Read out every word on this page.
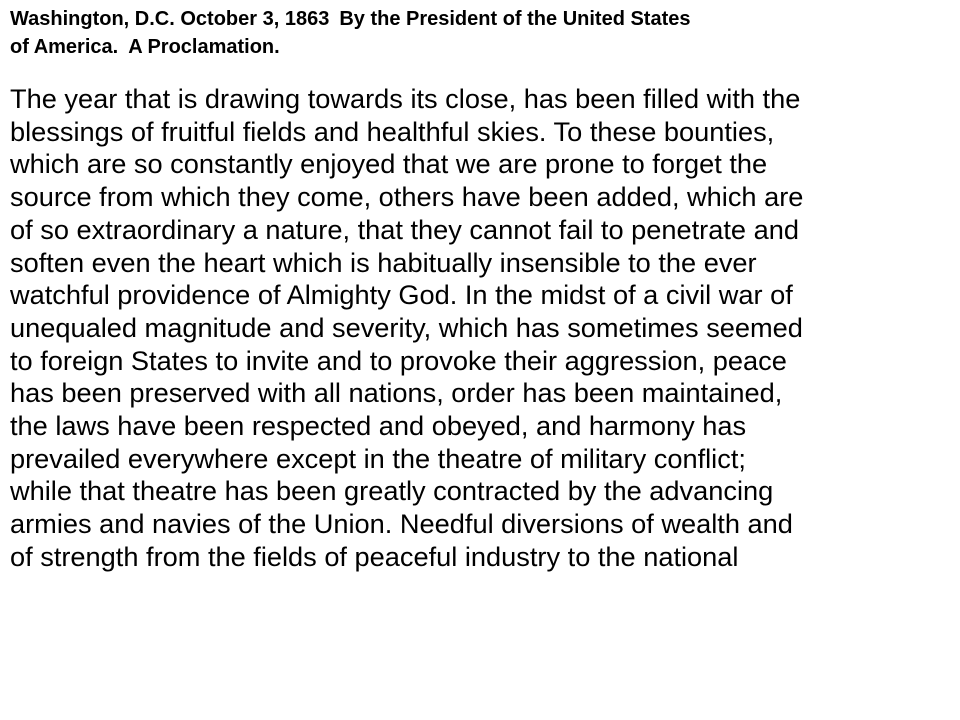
Washington, D.C. October 3, 1863 By the President of the United States
of America. A Proclamation.
The year that is drawing towards its close, has been filled with the
blessings of fruitful fields and healthful skies. To these bounties,
which are so constantly enjoyed that we are prone to forget the
source from which they come, others have been added, which are
of so extraordinary a nature, that they cannot fail to penetrate and
soften even the heart which is habitually insensible to the ever
watchful providence of Almighty God. In the midst of a civil war of
unequaled magnitude and severity, which has sometimes seemed
to foreign States to invite and to provoke their aggression, peace
has been preserved with all nations, order has been maintained,
the laws have been respected and obeyed, and harmony has
prevailed everywhere except in the theatre of military conflict;
while that theatre has been greatly contracted by the advancing
armies and navies of the Union. Needful diversions of wealth and
of strength from the fields of peaceful industry to the national
